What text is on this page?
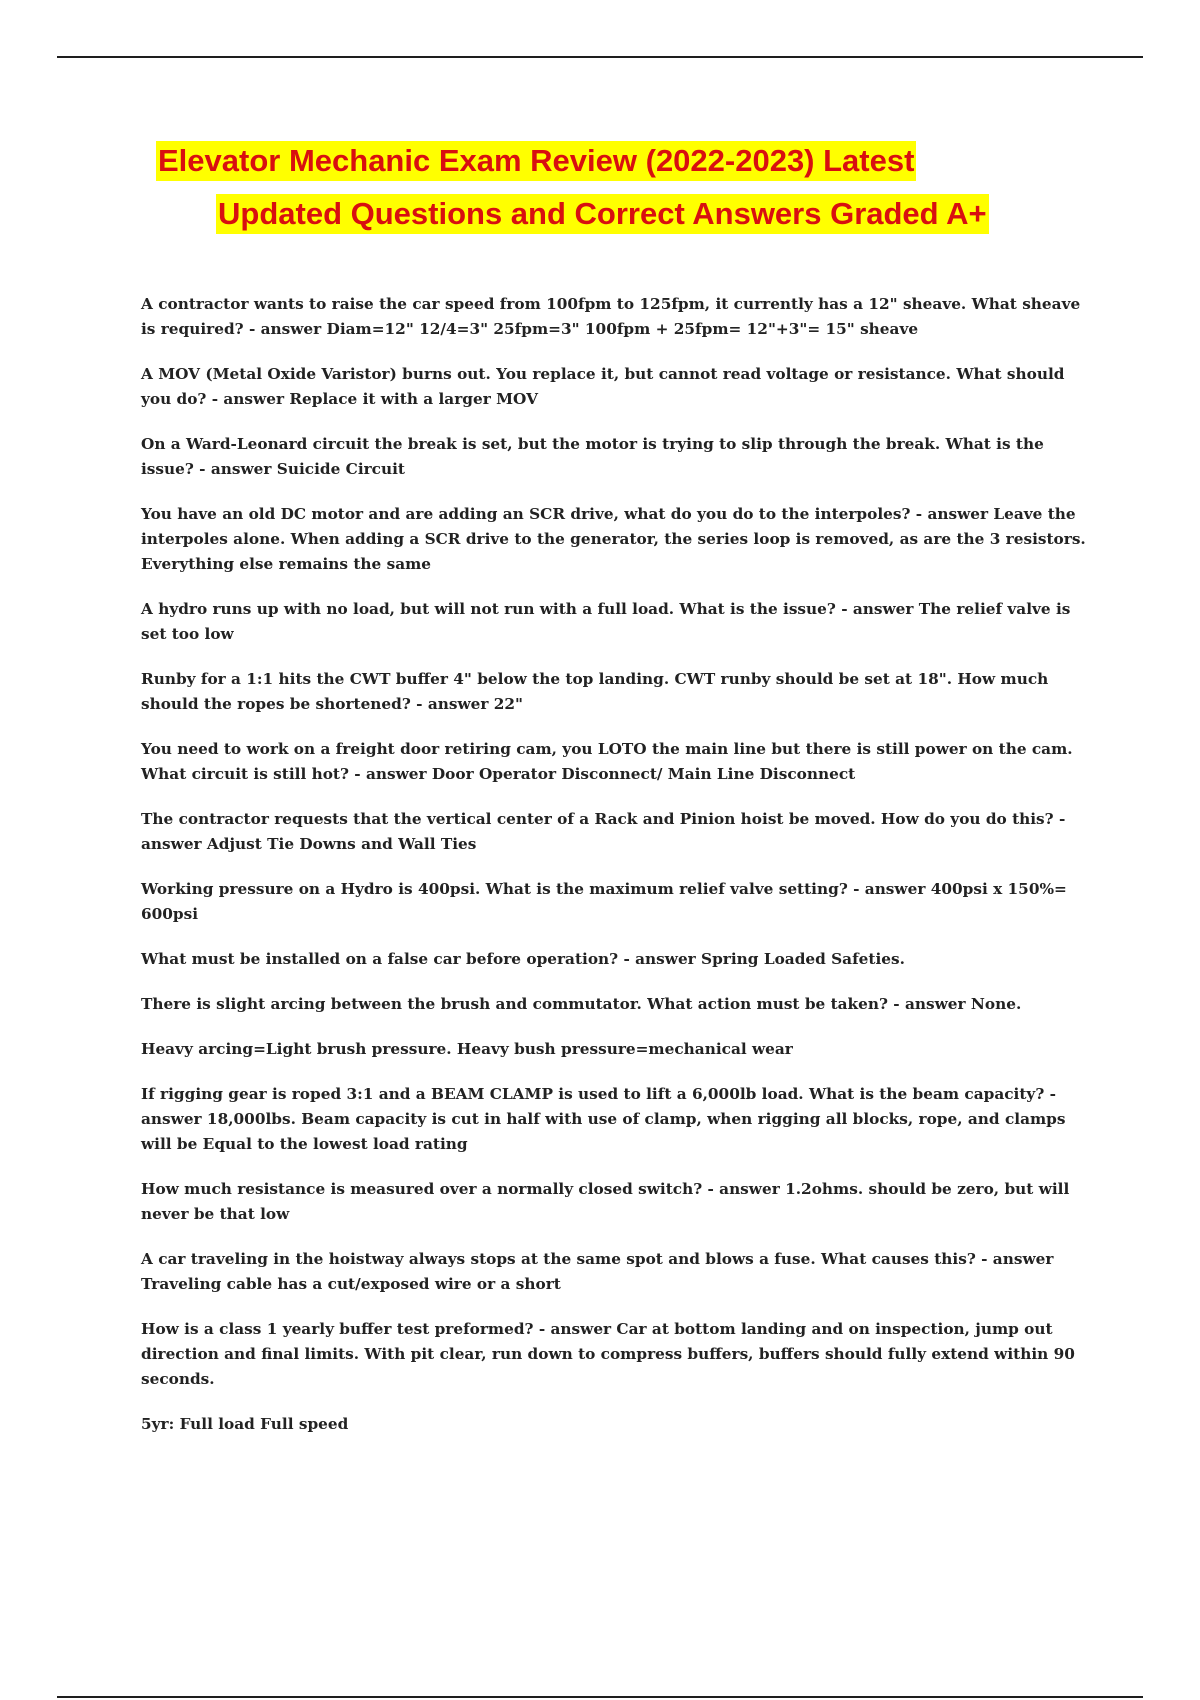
Elevator Mechanic Exam Review (2022-2023) Latest
Updated Questions and Correct Answers Graded A+

A contractor wants to raise the car speed from 100fpm to 125fpm, it currently has a 12" sheave. What sheave is required? - answer Diam=12" 12/4=3" 25fpm=3" 100fpm + 25fpm= 12"+3"= 15" sheave

A MOV (Metal Oxide Varistor) burns out. You replace it, but cannot read voltage or resistance. What should you do? - answer Replace it with a larger MOV

On a Ward-Leonard circuit the break is set, but the motor is trying to slip through the break. What is the issue? - answer Suicide Circuit

You have an old DC motor and are adding an SCR drive, what do you do to the interpoles? - answer Leave the interpoles alone. When adding a SCR drive to the generator, the series loop is removed, as are the 3 resistors. Everything else remains the same

A hydro runs up with no load, but will not run with a full load. What is the issue? - answer The relief valve is set too low

Runby for a 1:1 hits the CWT buffer 4" below the top landing. CWT runby should be set at 18". How much should the ropes be shortened? - answer 22"

You need to work on a freight door retiring cam, you LOTO the main line but there is still power on the cam. What circuit is still hot? - answer Door Operator Disconnect/ Main Line Disconnect

The contractor requests that the vertical center of a Rack and Pinion hoist be moved. How do you do this? - answer Adjust Tie Downs and Wall Ties

Working pressure on a Hydro is 400psi. What is the maximum relief valve setting? - answer 400psi x 150%= 600psi

What must be installed on a false car before operation? - answer Spring Loaded Safeties.

There is slight arcing between the brush and commutator. What action must be taken? - answer None.

Heavy arcing=Light brush pressure. Heavy bush pressure=mechanical wear

If rigging gear is roped 3:1 and a BEAM CLAMP is used to lift a 6,000lb load. What is the beam capacity? - answer 18,000lbs. Beam capacity is cut in half with use of clamp, when rigging all blocks, rope, and clamps will be Equal to the lowest load rating

How much resistance is measured over a normally closed switch? - answer 1.2ohms. should be zero, but will never be that low

A car traveling in the hoistway always stops at the same spot and blows a fuse. What causes this? - answer Traveling cable has a cut/exposed wire or a short

How is a class 1 yearly buffer test preformed? - answer Car at bottom landing and on inspection, jump out direction and final limits. With pit clear, run down to compress buffers, buffers should fully extend within 90 seconds.

5yr: Full load Full speed
